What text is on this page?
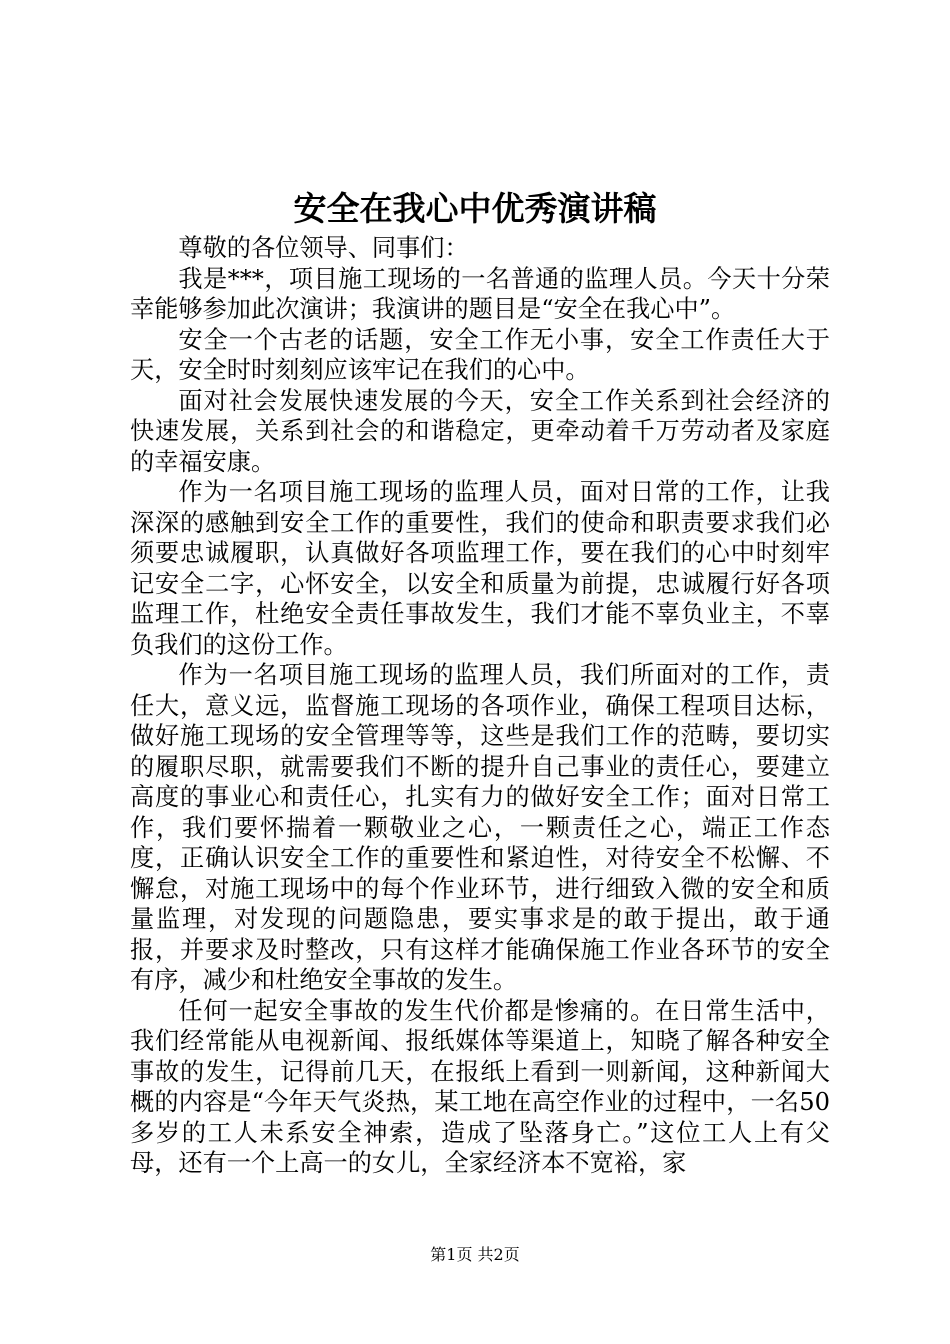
安全在我心中优秀演讲稿

尊敬的各位领导、同事们：

我是***，项目施工现场的一名普通的监理人员。今天十分荣幸能够参加此次演讲；我演讲的题目是“安全在我心中”。

安全一个古老的话题，安全工作无小事，安全工作责任大于天，安全时时刻刻应该牢记在我们的心中。

面对社会发展快速发展的今天，安全工作关系到社会经济的快速发展，关系到社会的和谐稳定，更牵动着千万劳动者及家庭的幸福安康。

作为一名项目施工现场的监理人员，面对日常的工作，让我深深的感触到安全工作的重要性，我们的使命和职责要求我们必须要忠诚履职，认真做好各项监理工作，要在我们的心中时刻牢记安全二字，心怀安全，以安全和质量为前提，忠诚履行好各项监理工作，杜绝安全责任事故发生，我们才能不辜负业主，不辜负我们的这份工作。

作为一名项目施工现场的监理人员，我们所面对的工作，责任大，意义远，监督施工现场的各项作业，确保工程项目达标，做好施工现场的安全管理等等，这些是我们工作的范畴，要切实的履职尽职，就需要我们不断的提升自己事业的责任心，要建立高度的事业心和责任心，扎实有力的做好安全工作；面对日常工作，我们要怀揣着一颗敬业之心，一颗责任之心，端正工作态度，正确认识安全工作的重要性和紧迫性，对待安全不松懈、不懈怠，对施工现场中的每个作业环节，进行细致入微的安全和质量监理，对发现的问题隐患，要实事求是的敢于提出，敢于通报，并要求及时整改，只有这样才能确保施工作业各环节的安全有序，减少和杜绝安全事故的发生。

任何一起安全事故的发生代价都是惨痛的。在日常生活中，我们经常能从电视新闻、报纸媒体等渠道上，知晓了解各种安全事故的发生，记得前几天，在报纸上看到一则新闻，这种新闻大概的内容是“今年天气炎热，某工地在高空作业的过程中，一名50多岁的工人未系安全神索，造成了坠落身亡。”这位工人上有父母，还有一个上高一的女儿，全家经济本不宽裕，家

第1页 共2页
